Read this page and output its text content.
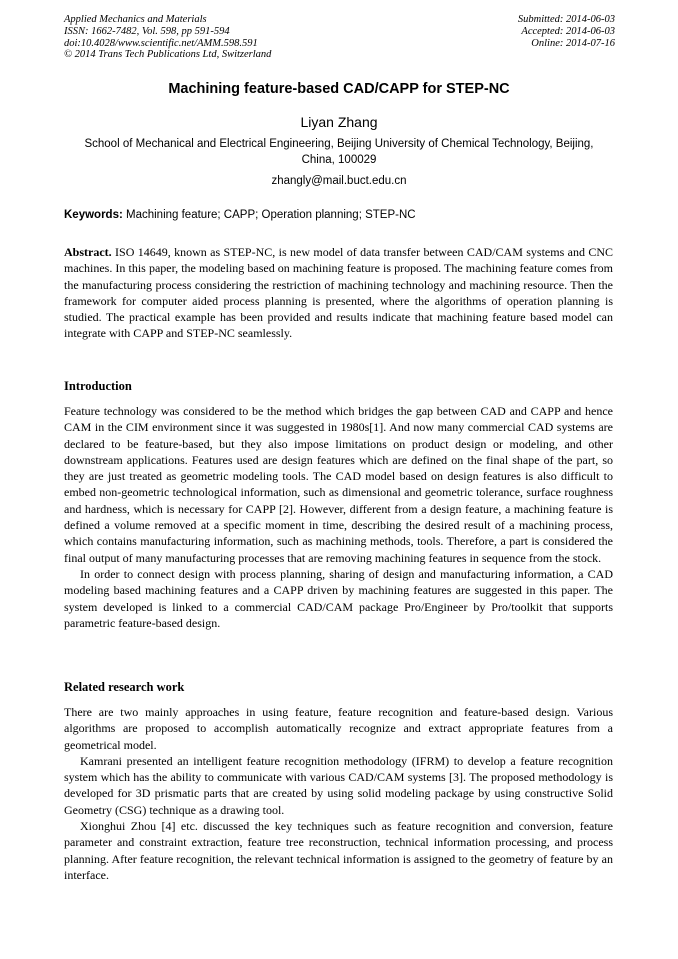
Applied Mechanics and Materials
ISSN: 1662-7482, Vol. 598, pp 591-594
doi:10.4028/www.scientific.net/AMM.598.591
© 2014 Trans Tech Publications Ltd, Switzerland
Submitted: 2014-06-03
Accepted: 2014-06-03
Online: 2014-07-16
Machining feature-based CAD/CAPP for STEP-NC
Liyan Zhang
School of Mechanical and Electrical Engineering, Beijing University of Chemical Technology, Beijing, China, 100029
zhangly@mail.buct.edu.cn
Keywords: Machining feature; CAPP; Operation planning; STEP-NC

Abstract. ISO 14649, known as STEP-NC, is new model of data transfer between CAD/CAM systems and CNC machines. In this paper, the modeling based on machining feature is proposed. The machining feature comes from the manufacturing process considering the restriction of machining technology and machining resource. Then the framework for computer aided process planning is presented, where the algorithms of operation planning is studied. The practical example has been provided and results indicate that machining feature based model can integrate with CAPP and STEP-NC seamlessly.

Introduction

Feature technology was considered to be the method which bridges the gap between CAD and CAPP and hence CAM in the CIM environment since it was suggested in 1980s[1]. And now many commercial CAD systems are declared to be feature-based, but they also impose limitations on product design or modeling, and other downstream applications. Features used are design features which are defined on the final shape of the part, so they are just treated as geometric modeling tools. The CAD model based on design features is also difficult to embed non-geometric technological information, such as dimensional and geometric tolerance, surface roughness and hardness, which is necessary for CAPP [2]. However, different from a design feature, a machining feature is defined a volume removed at a specific moment in time, describing the desired result of a machining process, which contains manufacturing information, such as machining methods, tools. Therefore, a part is considered the final output of many manufacturing processes that are removing machining features in sequence from the stock.

In order to connect design with process planning, sharing of design and manufacturing information, a CAD modeling based machining features and a CAPP driven by machining features are suggested in this paper. The system developed is linked to a commercial CAD/CAM package Pro/Engineer by Pro/toolkit that supports parametric feature-based design.

Related research work

There are two mainly approaches in using feature, feature recognition and feature-based design. Various algorithms are proposed to accomplish automatically recognize and extract appropriate features from a geometrical model.

Kamrani presented an intelligent feature recognition methodology (IFRM) to develop a feature recognition system which has the ability to communicate with various CAD/CAM systems [3]. The proposed methodology is developed for 3D prismatic parts that are created by using solid modeling package by using constructive Solid Geometry (CSG) technique as a drawing tool.

Xionghui Zhou [4] etc. discussed the key techniques such as feature recognition and conversion, feature parameter and constraint extraction, feature tree reconstruction, technical information processing, and process planning. After feature recognition, the relevant technical information is assigned to the geometry of feature by an interface.
